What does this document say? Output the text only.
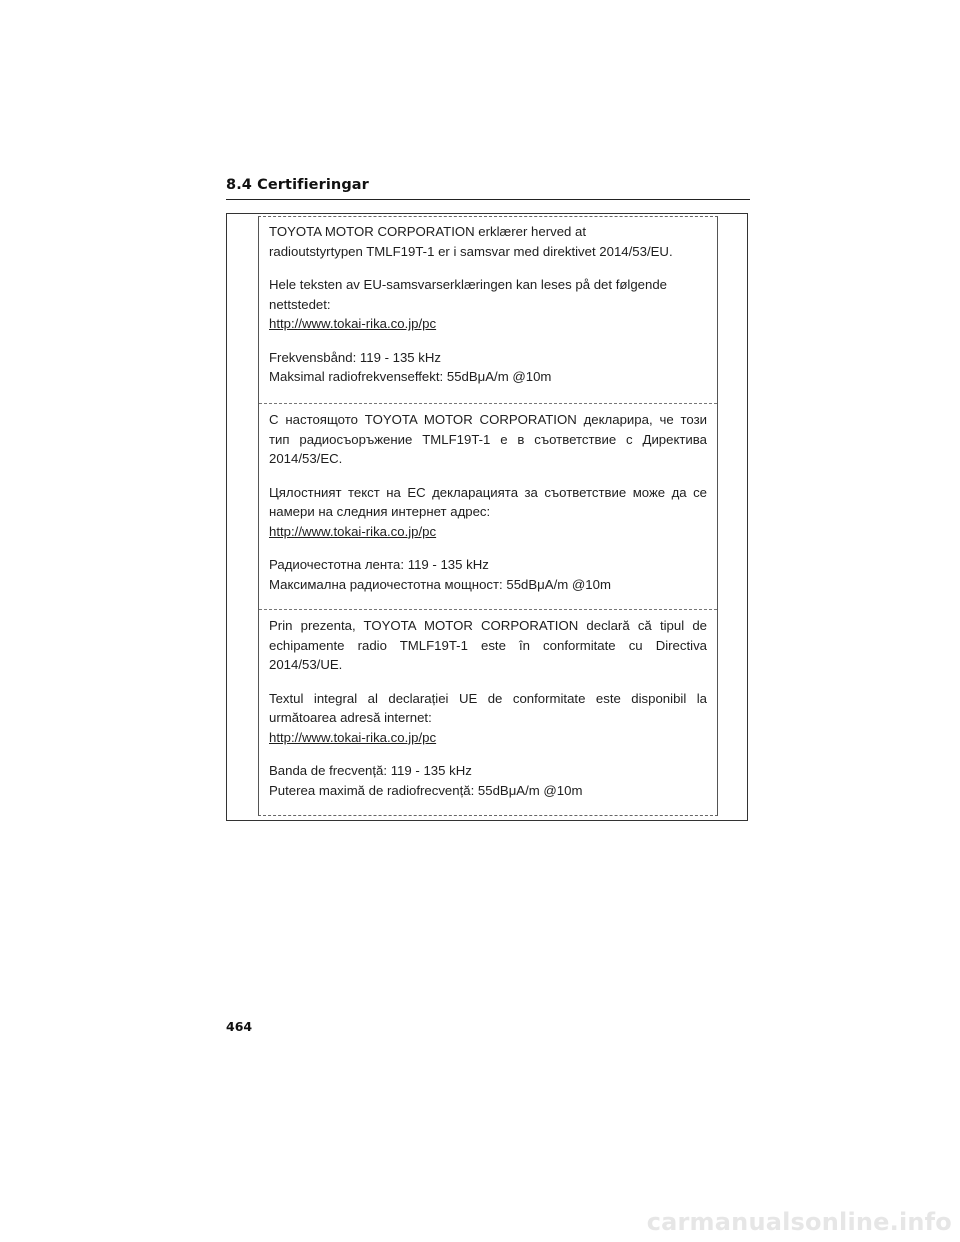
8.4 Certifieringar

TOYOTA MOTOR CORPORATION erklærer herved at
radioutstyrtypen TMLF19T-1 er i samsvar med direktivet 2014/53/EU.

Hele teksten av EU-samsvarserklæringen kan leses på det følgende
nettstedet:
http://www.tokai-rika.co.jp/pc

Frekvensbånd: 119 - 135 kHz
Maksimal radiofrekvenseffekt: 55dBμA/m @10m

С настоящото TOYOTA MOTOR CORPORATION декларира, че този тип радиосъоръжение TMLF19T-1 е в съответствие с Директива 2014/53/ЕС.

Цялостният текст на ЕС декларацията за съответствие може да се намери на следния интернет адрес:
http://www.tokai-rika.co.jp/pc

Радиочестотна лента: 119 - 135 kHz
Максимална радиочестотна мощност: 55dBμA/m @10m

Prin prezenta, TOYOTA MOTOR CORPORATION declară că tipul de echipamente radio TMLF19T-1 este în conformitate cu Directiva 2014/53/UE.

Textul integral al declarației UE de conformitate este disponibil la următoarea adresă internet:
http://www.tokai-rika.co.jp/pc

Banda de frecvență: 119 - 135 kHz
Puterea maximă de radiofrecvență: 55dBμA/m @10m

464
carmanualsonline.info
